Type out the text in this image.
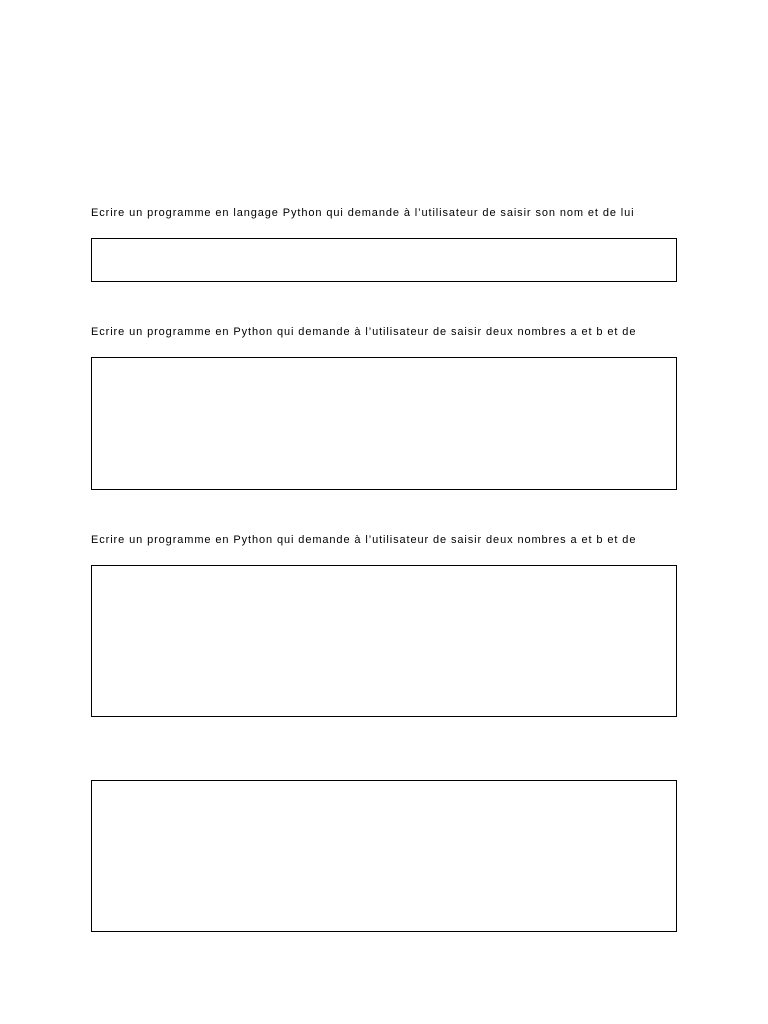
Ecrire un programme en langage Python qui demande à l’utilisateur de saisir son nom et de lui
Ecrire un programme en Python qui demande à l’utilisateur de saisir deux nombres a et b et de
Ecrire un programme en Python qui demande à l’utilisateur de saisir deux nombres a et b et de
